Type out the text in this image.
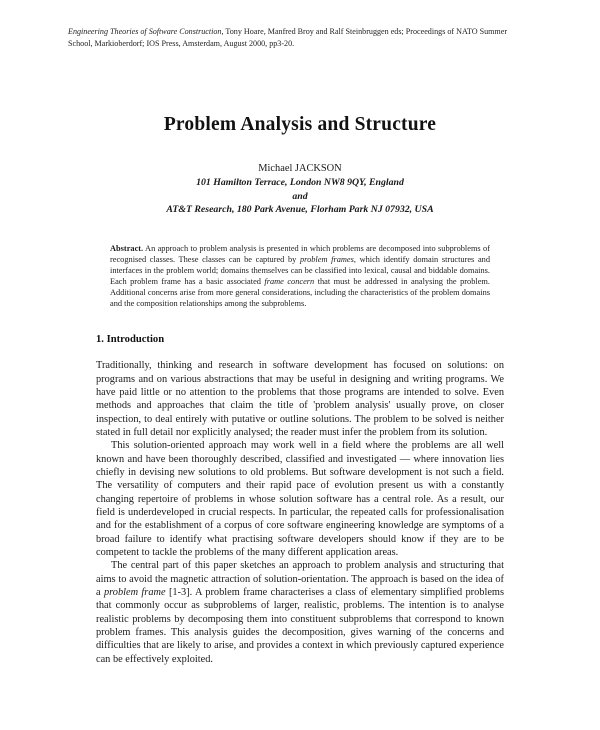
Engineering Theories of Software Construction, Tony Hoare, Manfred Broy and Ralf Steinbruggen eds; Proceedings of NATO Summer School, Markioberdorf; IOS Press, Amsterdam, August 2000, pp3-20.
Problem Analysis and Structure
Michael JACKSON
101 Hamilton Terrace, London NW8 9QY, England
and
AT&T Research, 180 Park Avenue, Florham Park NJ 07932, USA
Abstract. An approach to problem analysis is presented in which problems are decomposed into subproblems of recognised classes. These classes can be captured by problem frames, which identify domain structures and interfaces in the problem world; domains themselves can be classified into lexical, causal and biddable domains. Each problem frame has a basic associated frame concern that must be addressed in analysing the problem. Additional concerns arise from more general considerations, including the characteristics of the problem domains and the composition relationships among the subproblems.
1. Introduction

Traditionally, thinking and research in software development has focused on solutions: on programs and on various abstractions that may be useful in designing and writing programs. We have paid little or no attention to the problems that those programs are intended to solve. Even methods and approaches that claim the title of 'problem analysis' usually prove, on closer inspection, to deal entirely with putative or outline solutions. The problem to be solved is neither stated in full detail nor explicitly analysed; the reader must infer the problem from its solution.

This solution-oriented approach may work well in a field where the problems are all well known and have been thoroughly described, classified and investigated — where innovation lies chiefly in devising new solutions to old problems. But software development is not such a field. The versatility of computers and their rapid pace of evolution present us with a constantly changing repertoire of problems in whose solution software has a central role. As a result, our field is underdeveloped in crucial respects. In particular, the repeated calls for professionalisation and for the establishment of a corpus of core software engineering knowledge are symptoms of a broad failure to identify what practising software developers should know if they are to be competent to tackle the problems of the many different application areas.

The central part of this paper sketches an approach to problem analysis and structuring that aims to avoid the magnetic attraction of solution-orientation. The approach is based on the idea of a problem frame [1-3]. A problem frame characterises a class of elementary simplified problems that commonly occur as subproblems of larger, realistic, problems. The intention is to analyse realistic problems by decomposing them into constituent subproblems that correspond to known problem frames. This analysis guides the decomposition, gives warning of the concerns and difficulties that are likely to arise, and provides a context in which previously captured experience can be effectively exploited.
